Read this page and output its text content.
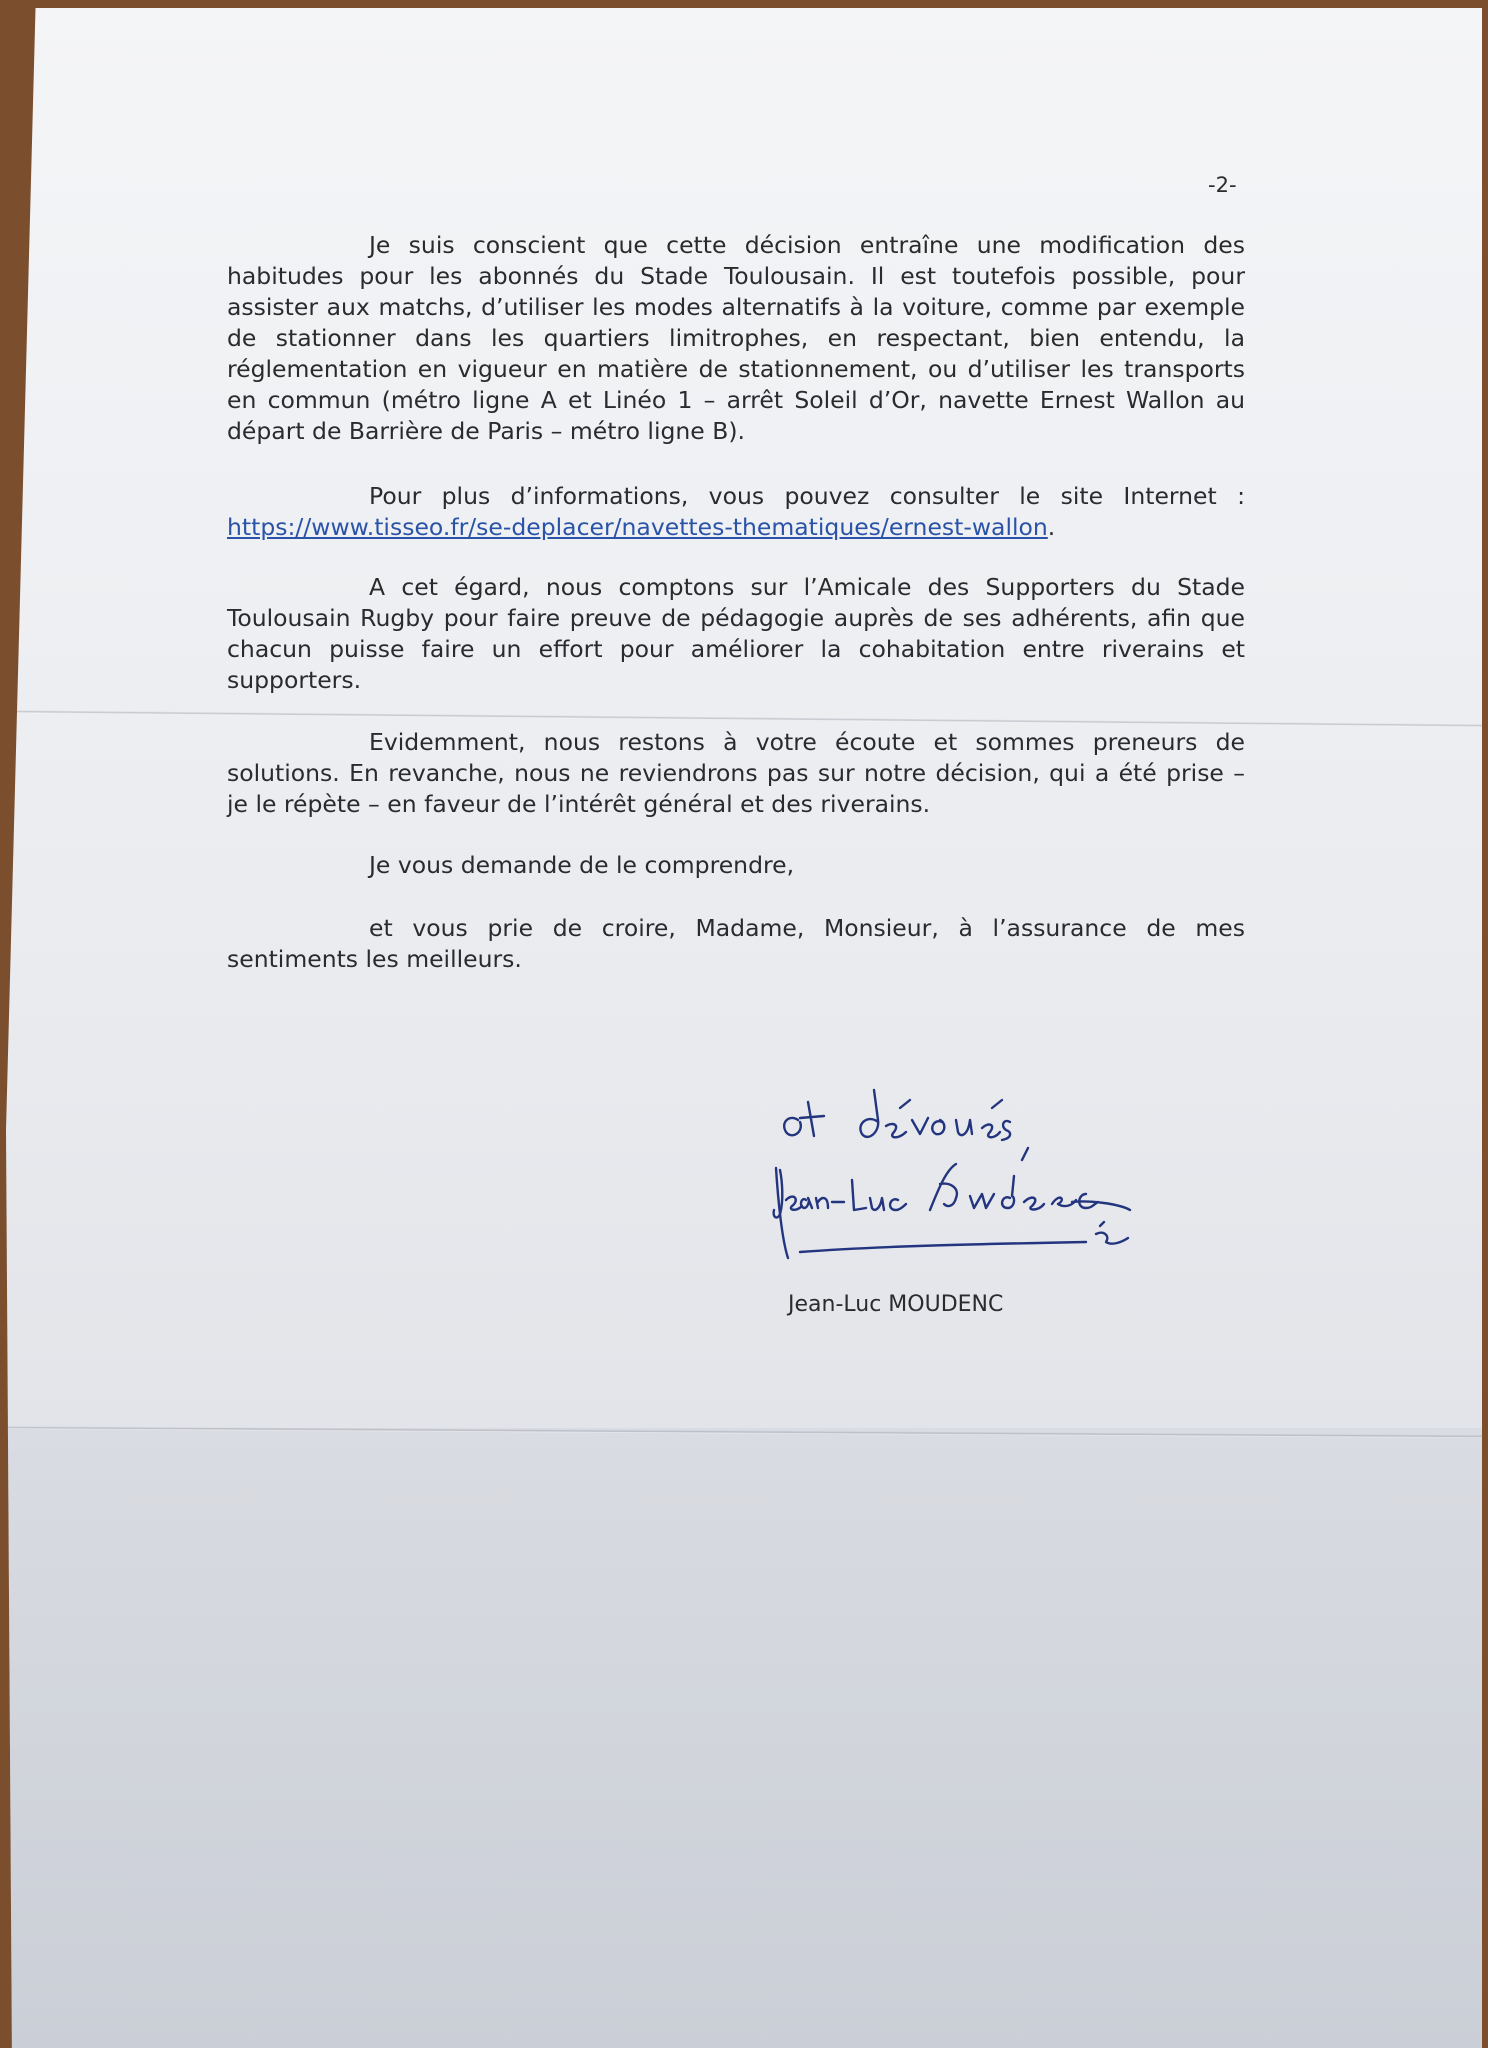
-2-

Je suis conscient que cette décision entraîne une modification des habitudes pour les abonnés du Stade Toulousain. Il est toutefois possible, pour assister aux matchs, d’utiliser les modes alternatifs à la voiture, comme par exemple de stationner dans les quartiers limitrophes, en respectant, bien entendu, la réglementation en vigueur en matière de stationnement, ou d’utiliser les transports en commun (métro ligne A et Linéo 1 – arrêt Soleil d’Or, navette Ernest Wallon au départ de Barrière de Paris – métro ligne B).

Pour plus d’informations, vous pouvez consulter le site Internet : https://www.tisseo.fr/se-deplacer/navettes-thematiques/ernest-wallon.

A cet égard, nous comptons sur l’Amicale des Supporters du Stade Toulousain Rugby pour faire preuve de pédagogie auprès de ses adhérents, afin que chacun puisse faire un effort pour améliorer la cohabitation entre riverains et supporters.

Evidemment, nous restons à votre écoute et sommes preneurs de solutions. En revanche, nous ne reviendrons pas sur notre décision, qui a été prise – je le répète – en faveur de l’intérêt général et des riverains.

Je vous demande de le comprendre,

et vous prie de croire, Madame, Monsieur, à l’assurance de mes sentiments les meilleurs.

Jean-Luc MOUDENC
